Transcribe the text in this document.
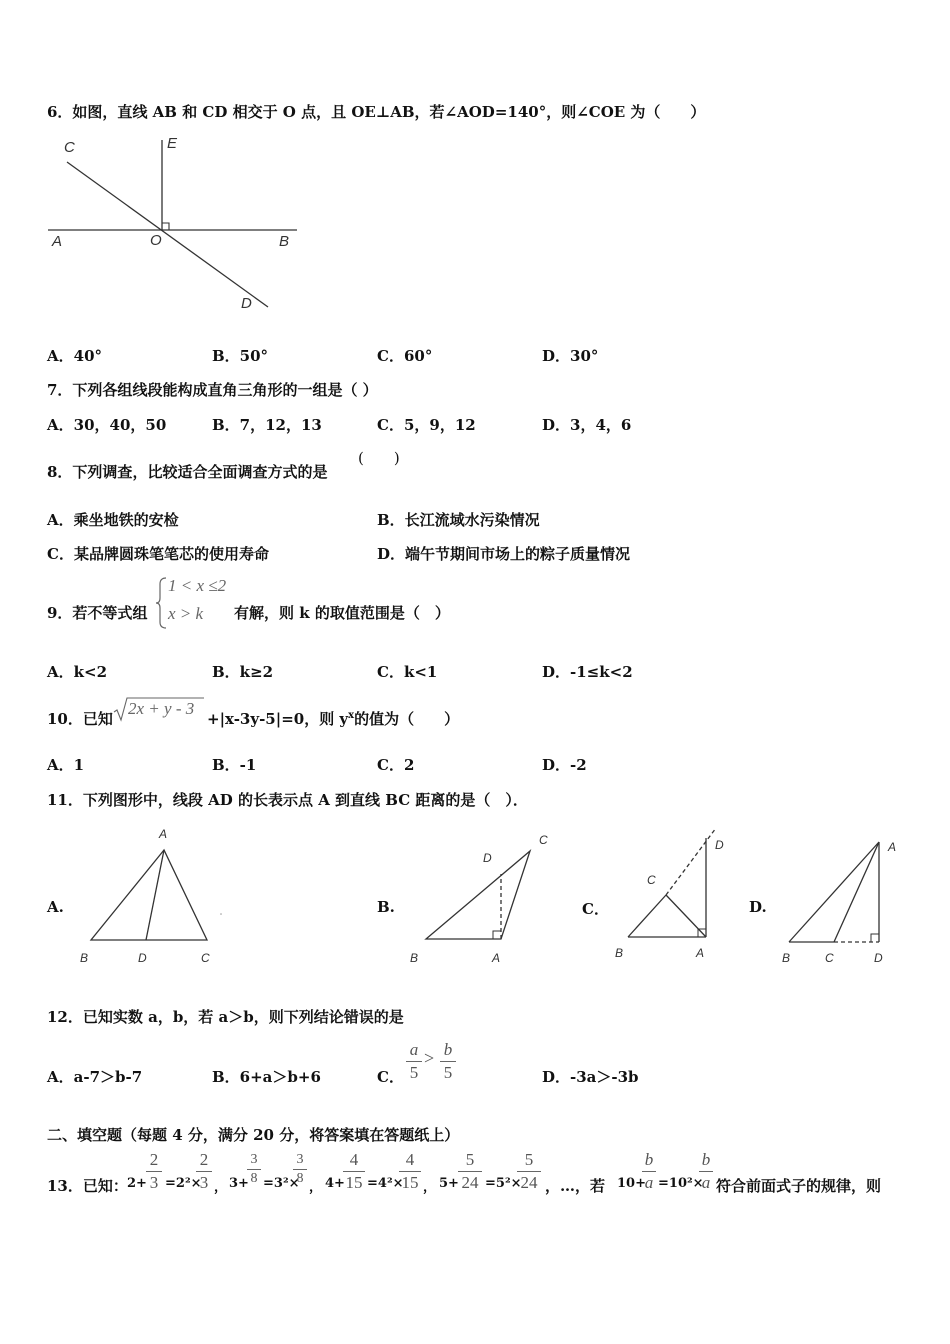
6．如图，直线 AB 和 CD 相交于 O 点，且 OE⊥AB，若∠AOD=140°，则∠COE 为（　　）
C	E
A	O	B
D
A．40°	B．50°	C．60°	D．30°
7．下列各组线段能构成直角三角形的一组是（ ）
A．30，40，50	B．7，12，13	C．5，9，12	D．3，4，6
8．下列调查，比较适合全面调查方式的是
(　　)
A．乘坐地铁的安检	B．长江流域水污染情况
C．某品牌圆珠笔笔芯的使用寿命	D．端午节期间市场上的粽子质量情况
9．若不等式组
1 < x ≤2
x > k 有解，则 k 的取值范围是（　）
A．k<2	B．k≥2	C．k<1	D．-1≤k<2
10．已知
2x + y - 3
+|x-3y-5|=0，则 $y^x$的值为（　　）
A．1	B．-1	C．2	D．-2
11．下列图形中，线段 AD 的长表示点 A 到直线 BC 距离的是（　）．
A.
A
B	D	C
B.
C
D
B	A
C．
D
C
B	A
D.
A
B	C	D
12．已知实数 a，b，若 a＞b，则下列结论错误的是
A．a-7＞b-7	B．6+a＞b+6	C．
a
5
> b
5	D．-3a＞-3b
二、填空题（每题 4 分，满分 20 分，将答案填在答题纸上）
13．已知： 2+
2
3 =2²×
2
3 ， 3+
3
8 =3²×
3
8
， 4+
4
15 =4²×
4
15 ， 5+
5
24 =5²×
5
24 ，…，若 10+
b
a =10²×
b
a 符合前面式子的规律，则
